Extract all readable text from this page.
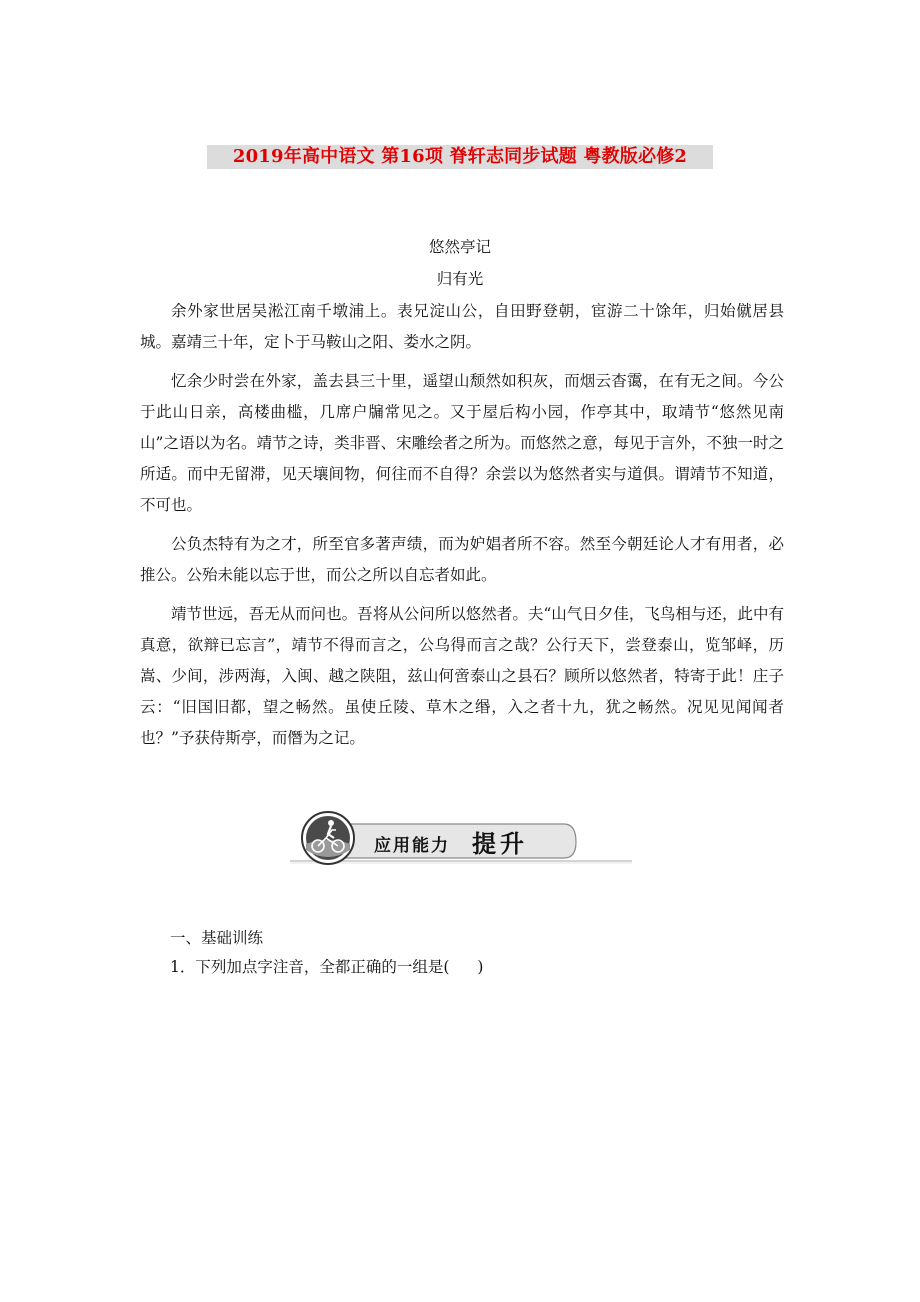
2019年高中语文 第16项 脊轩志同步试题 粤教版必修2
悠然亭记
归有光

余外家世居吴淞江南千墩浦上。表兄淀山公，自田野登朝，宦游二十馀年，归始僦居县城。嘉靖三十年，定卜于马鞍山之阳、娄水之阴。

忆余少时尝在外家，盖去县三十里，遥望山颓然如积灰，而烟云杳霭，在有无之间。今公于此山日亲，高楼曲槛，几席户牖常见之。又于屋后构小园，作亭其中，取靖节“悠然见南山”之语以为名。靖节之诗，类非晋、宋雕绘者之所为。而悠然之意，每见于言外，不独一时之所适。而中无留滞，见天壤间物，何往而不自得？余尝以为悠然者实与道俱。谓靖节不知道，不可也。

公负杰特有为之才，所至官多著声绩，而为妒娼者所不容。然至今朝廷论人才有用者，必推公。公殆未能以忘于世，而公之所以自忘者如此。

靖节世远，吾无从而问也。吾将从公问所以悠然者。夫“山气日夕佳，飞鸟相与还，此中有真意，欲辩已忘言”，靖节不得而言之，公乌得而言之哉？公行天下，尝登泰山，览邹峄，历嵩、少间，涉两海，入闽、越之陕阻，兹山何啻泰山之县石？顾所以悠然者，特寄于此！庄子云：“旧国旧都，望之畅然。虽使丘陵、草木之缗，入之者十九，犹之畅然。况见见闻闻者也？”予获侍斯亭，而僭为之记。

应用能力 提升
一、基础训练
1．下列加点字注音，全都正确的一组是( )
